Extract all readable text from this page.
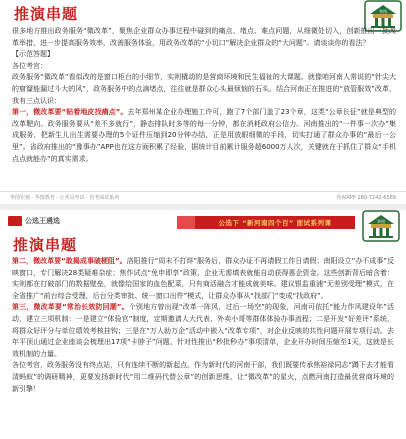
推演串题	华图

很多地方推出政务服务“微改革”，聚焦企业群众办事过程中碰到的痛点、堵点、难点问题，从细微处切入，创新推出一批改革举措，进一步提高服务效率，改善服务体验，用政务改革的“小切口”解决企业群众的“大问题”。请谈谈你的看法？

【示范答题】

各位考官：

政务服务“微改革”看似改的是窗口柜台的小细节，实则撬动的是营商环境和民生福祉的大课题。就像咱河南人常说的“针尖大的窟窿能漏过斗大的风”，政务服务中的点滴堵点，往往就是群众心头最烦恼的石头。结合河南正在推进的“放管服效”改革，我有三点认识：

第一，微改革要“贴着地皮找痛点”。去年郑州某企业办理施工许可，跑了7个部门盖了23个章，这类“公章长征”就是典型的改革靶向。政务服务要从“差不多就行”，静态排队时多等的每一分钟，都在消耗政府公信力。河南推出的“一件事一次办”集成服务，把新生儿出生需要办理的5个证件压缩到20分钟办结，正是用放眼细微的手段，切实打通了群众办事的“最后一公里”。省政府推出的“豫事办”APP也在这方面积累了经验，据统计目前累计服务超6000万人次，关键就在于抓住了群众“手机点点就能办”的真实需求。

华图宏观 · 华图教育 · 公务员考试 · 省考面试系列	咨询APP 180-7242-6589
公选王遴选	公选下 “新河南四个百” 面试系列课	华图
推演串题

第二，微改革要“敢揭成事破梗阻”。洛阳推行“周末不打烊”服务后，群众办证不再请假工作日请假；南阳设立“办不成事”反映窗口，专门解决28类疑难杂症；焦作试点“免申即享”政策，企业无需填表就能自动获得惠企资金。这些创新背后暗含着：实则都在打破部门的数据壁垒，就像给国家的血色配菜，只有商活融合才能成就美味。建议银监重浦“无差别受理”模式，在全省推广“前台综合受理，后台分类审批、统一窗口出件”模式，让群众办事从“找部门”变成“找政府”。

第三，微改革要“常治长效防回潮”。个别地方曾出现“改革一阵风，过后一场空”的现象，河南可依托“能力作风建设年”活动，建立三项机制：一是建立“体验官”制度，定期邀请人大代表、外卖小哥等群体体验办事流程；二是开发“好差评”系统，将群众好评分与单位绩效考核挂钩；三是在“万人助万企”活动中嵌入“改革专项”，对企业反映的共性问题开展专项行动。去年平顶山通过企业座谈会梳理出17项“卡脖子”问题，针对性推出“秒批秒办”事项清单，企业开办时间压缩至1天，这就是长效机制的力量。

各位考官，政务服务没有终点站，只有连续不断的新起点。作为新时代的河南干部，我们既要传承焦裕禄同志“蹲下去才能看清蚂蚁”的调研精神，更要发扬新时代“用二维码代替公章”的创新思维，让“微改革”的星火，点燃河南打造最优营商环境的新引擎！
